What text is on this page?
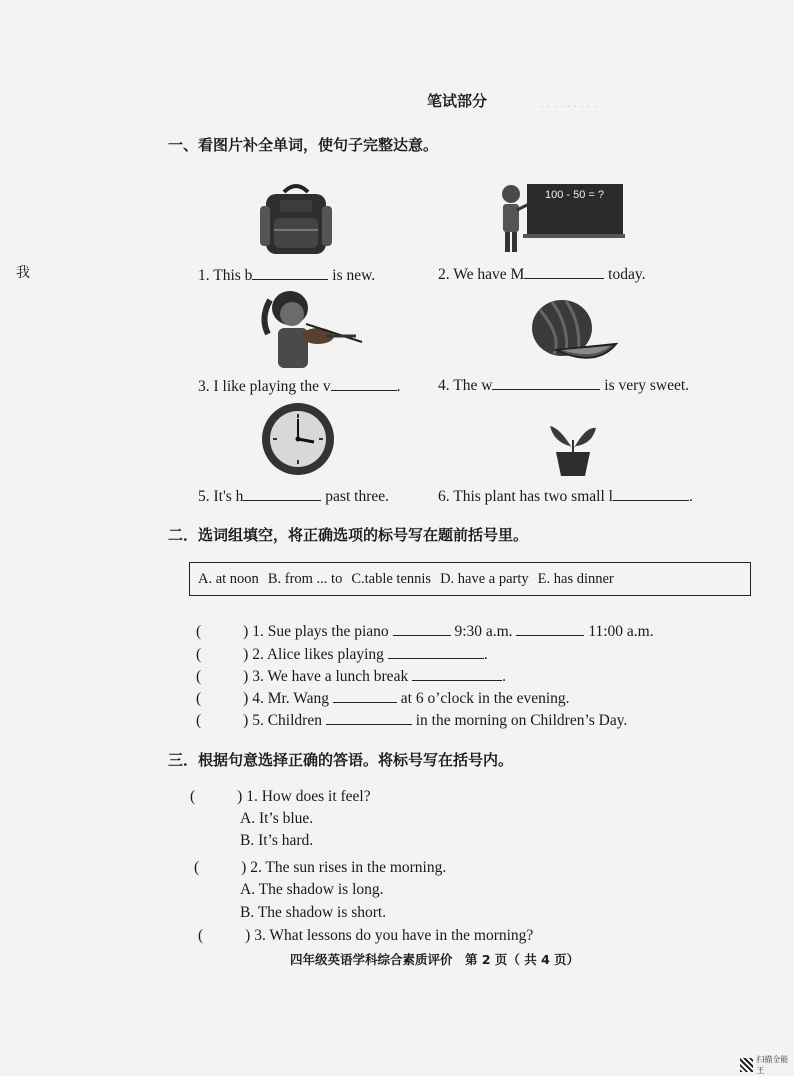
. . . . . . . . .
笔试部分
我
一、看图片补全单词，使句子完整达意。
100 - 50 = ?
1. This b	is new.	2. We have M	today.
3. I like playing the v	. 4. The w	is very sweet.
5. It's h	past three.	6. This plant has two small l	.
二．选词组填空，将正确选项的标号写在题前括号里。
A. at noon B. from ... to C.table tennis D. have a party E. has dinner
(	) 1. Sue plays the piano	9:30 a.m.	11:00 a.m.
(	) 2. Alice likes playing	.
(	) 3. We have a lunch break	.
(	) 4. Mr. Wang	at 6 o’clock in the evening.
(	) 5. Children	in the morning on Children’s Day.
三．根据句意选择正确的答语。将标号写在括号内。
(	) 1. How does it feel?
A. It’s blue.
B. It’s hard.
(	) 2. The sun rises in the morning.
A. The shadow is long.
B. The shadow is short.
(	) 3. What lessons do you have in the morning?
四年级英语学科综合素质评价　第 2 页（ 共 4 页）
扫描全能王
